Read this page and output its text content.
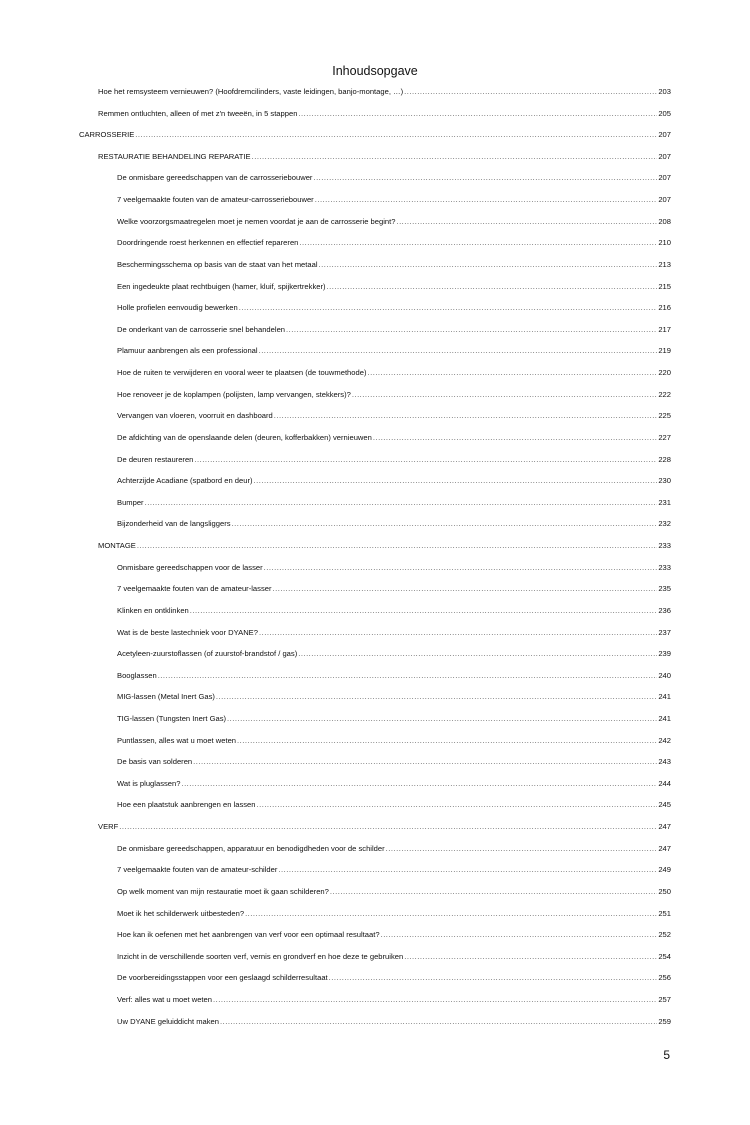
Inhoudsopgave
Hoe het remsysteem vernieuwen? (Hoofdremcilinders, vaste leidingen, banjo-montage, …) .....	203
Remmen ontluchten, alleen of met z'n tweeën, in 5 stappen .....	205
CARROSSERIE .....	207
RESTAURATIE BEHANDELING REPARATIE .....	207
De onmisbare gereedschappen van de carrosseriebouwer .....	207
7 veelgemaakte fouten van de amateur-carrosseriebouwer .....	207
Welke voorzorgsmaatregelen moet je nemen voordat je aan de carrosserie begint? .....	208
Doordringende roest herkennen en effectief repareren .....	210
Beschermingsschema op basis van de staat van het metaal .....	213
Een ingedeukte plaat rechtbuigen (hamer, kluif, spijkertrekker) .....	215
Holle profielen eenvoudig bewerken .....	216
De onderkant van de carrosserie snel behandelen .....	217
Plamuur aanbrengen als een professional .....	219
Hoe de ruiten te verwijderen en vooral weer te plaatsen (de touwmethode) .....	220
Hoe renoveer je de koplampen (polijsten, lamp vervangen, stekkers)? .....	222
Vervangen van vloeren, voorruit en dashboard .....	225
De afdichting van de openslaande delen (deuren, kofferbakken) vernieuwen .....	227
De deuren restaureren .....	228
Achterzijde Acadiane (spatbord en deur) .....	230
Bumper .....	231
Bijzonderheid van de langsliggers .....	232
MONTAGE .....	233
Onmisbare gereedschappen voor de lasser .....	233
7 veelgemaakte fouten van de amateur-lasser .....	235
Klinken en ontklinken .....	236
Wat is de beste lastechniek voor DYANE? .....	237
Acetyleen-zuurstoflassen (of zuurstof-brandstof / gas) .....	239
Booglassen .....	240
MIG-lassen (Metal Inert Gas) .....	241
TIG-lassen (Tungsten Inert Gas) .....	241
Puntlassen, alles wat u moet weten .....	242
De basis van solderen .....	243
Wat is pluglassen? .....	244
Hoe een plaatstuk aanbrengen en lassen .....	245
VERF .....	247
De onmisbare gereedschappen, apparatuur en benodigdheden voor de schilder .....	247
7 veelgemaakte fouten van de amateur-schilder .....	249
Op welk moment van mijn restauratie moet ik gaan schilderen? .....	250
Moet ik het schilderwerk uitbesteden? .....	251
Hoe kan ik oefenen met het aanbrengen van verf voor een optimaal resultaat? .....	252
Inzicht in de verschillende soorten verf, vernis en grondverf en hoe deze te gebruiken .....	254
De voorbereidingsstappen voor een geslaagd schilderresultaat .....	256
Verf: alles wat u moet weten .....	257
Uw DYANE geluiddicht maken .....	259
5
